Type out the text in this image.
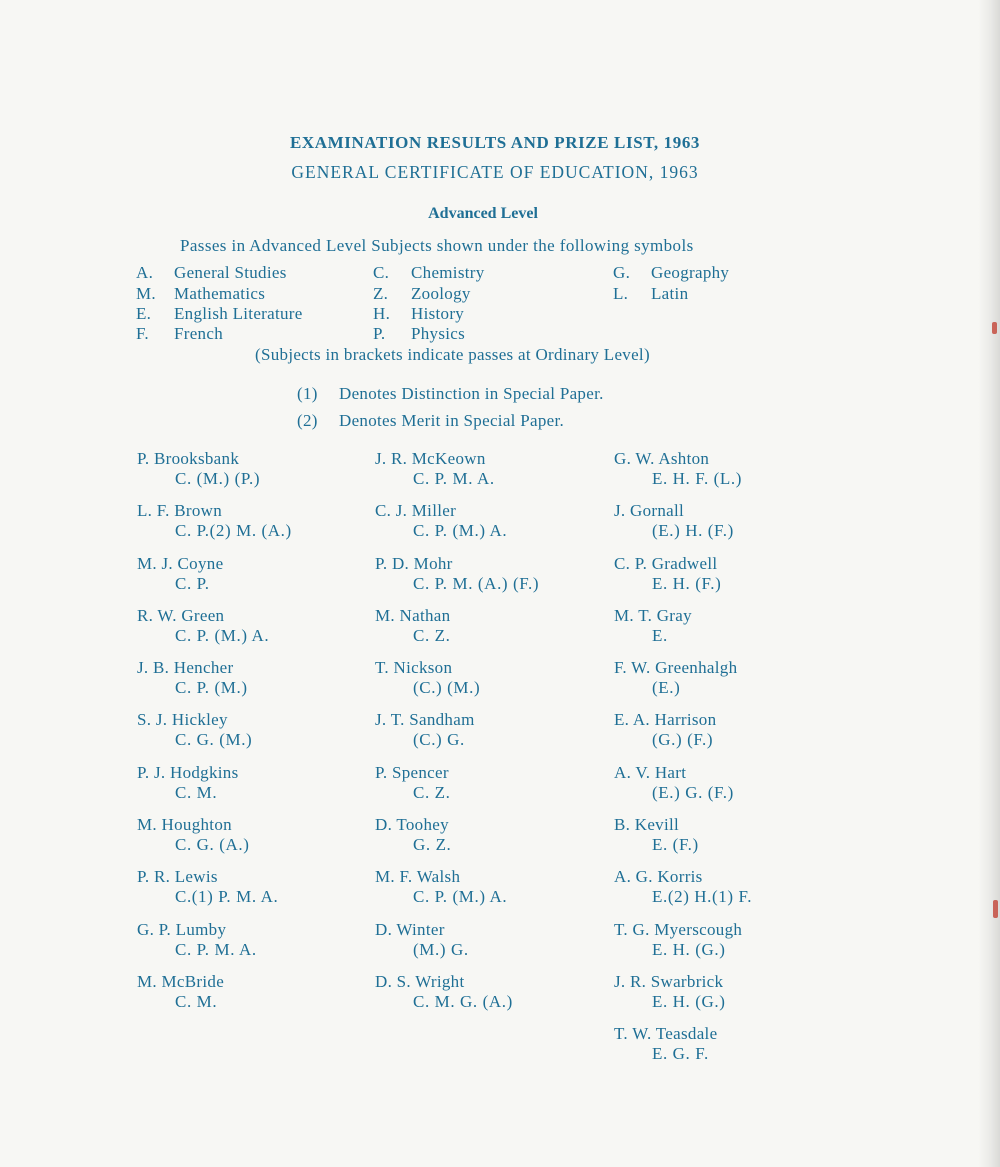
EXAMINATION RESULTS AND PRIZE LIST, 1963
GENERAL CERTIFICATE OF EDUCATION, 1963
Advanced Level
Passes in Advanced Level Subjects shown under the following symbols
A. General Studies
M. Mathematics
E. English Literature
F. French
C. Chemistry
Z. Zoology
H. History
P. Physics
G. Geography
L. Latin
(Subjects in brackets indicate passes at Ordinary Level)
(1) Denotes Distinction in Special Paper.
(2) Denotes Merit in Special Paper.
P. Brooksbank
C. (M.) (P.)
L. F. Brown
C. P.(2) M. (A.)
M. J. Coyne
C. P.
R. W. Green
C. P. (M.) A.
J. B. Hencher
C. P. (M.)
S. J. Hickley
C. G. (M.)
P. J. Hodgkins
C. M.
M. Houghton
C. G. (A.)
P. R. Lewis
C.(1) P. M. A.
G. P. Lumby
C. P. M. A.
M. McBride
C. M.
J. R. McKeown
C. P. M. A.
C. J. Miller
C. P. (M.) A.
P. D. Mohr
C. P. M. (A.) (F.)
M. Nathan
C. Z.
T. Nickson
(C.) (M.)
J. T. Sandham
(C.) G.
P. Spencer
C. Z.
D. Toohey
G. Z.
M. F. Walsh
C. P. (M.) A.
D. Winter
(M.) G.
D. S. Wright
C. M. G. (A.)
G. W. Ashton
E. H. F. (L.)
J. Gornall
(E.) H. (F.)
C. P. Gradwell
E. H. (F.)
M. T. Gray
E.
F. W. Greenhalgh
(E.)
E. A. Harrison
(G.) (F.)
A. V. Hart
(E.) G. (F.)
B. Kevill
E. (F.)
A. G. Korris
E.(2) H.(1) F.
T. G. Myerscough
E. H. (G.)
J. R. Swarbrick
E. H. (G.)
T. W. Teasdale
E. G. F.
